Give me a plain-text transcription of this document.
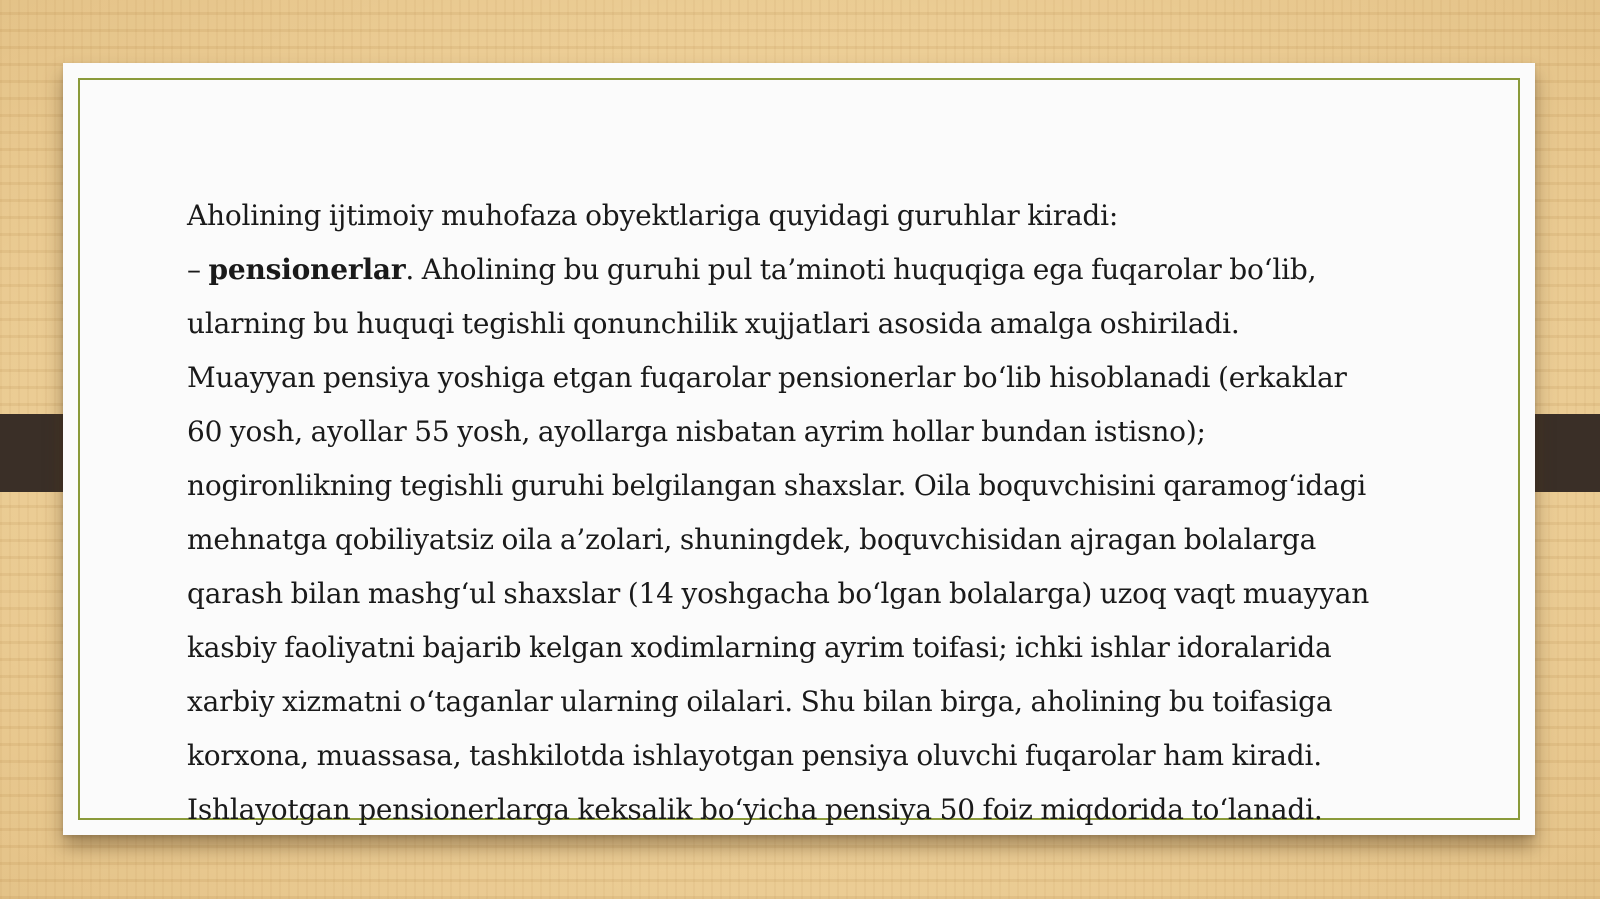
Aholining ijtimoiy muhofaza obyektlariga quyidagi guruhlar kiradi:
– pensionerlar. Aholining bu guruhi pul ta’minoti huquqiga ega fuqarolar bo‘lib,
ularning bu huquqi tegishli qonunchilik xujjatlari asosida amalga oshiriladi.
Muayyan pensiya yoshiga etgan fuqarolar pensionerlar bo‘lib hisoblanadi (erkaklar
60 yosh, ayollar 55 yosh, ayollarga nisbatan ayrim hollar bundan istisno);
nogironlikning tegishli guruhi belgilangan shaxslar. Oila boquvchisini qaramog‘idagi
mehnatga qobiliyatsiz oila a’zolari, shuningdek, boquvchisidan ajragan bolalarga
qarash bilan mashg‘ul shaxslar (14 yoshgacha bo‘lgan bolalarga) uzoq vaqt muayyan
kasbiy faoliyatni bajarib kelgan xodimlarning ayrim toifasi; ichki ishlar idoralarida
xarbiy xizmatni o‘taganlar ularning oilalari. Shu bilan birga, aholining bu toifasiga
korxona, muassasa, tashkilotda ishlayotgan pensiya oluvchi fuqarolar ham kiradi.
Ishlayotgan pensionerlarga keksalik bo‘yicha pensiya 50 foiz miqdorida to‘lanadi.
